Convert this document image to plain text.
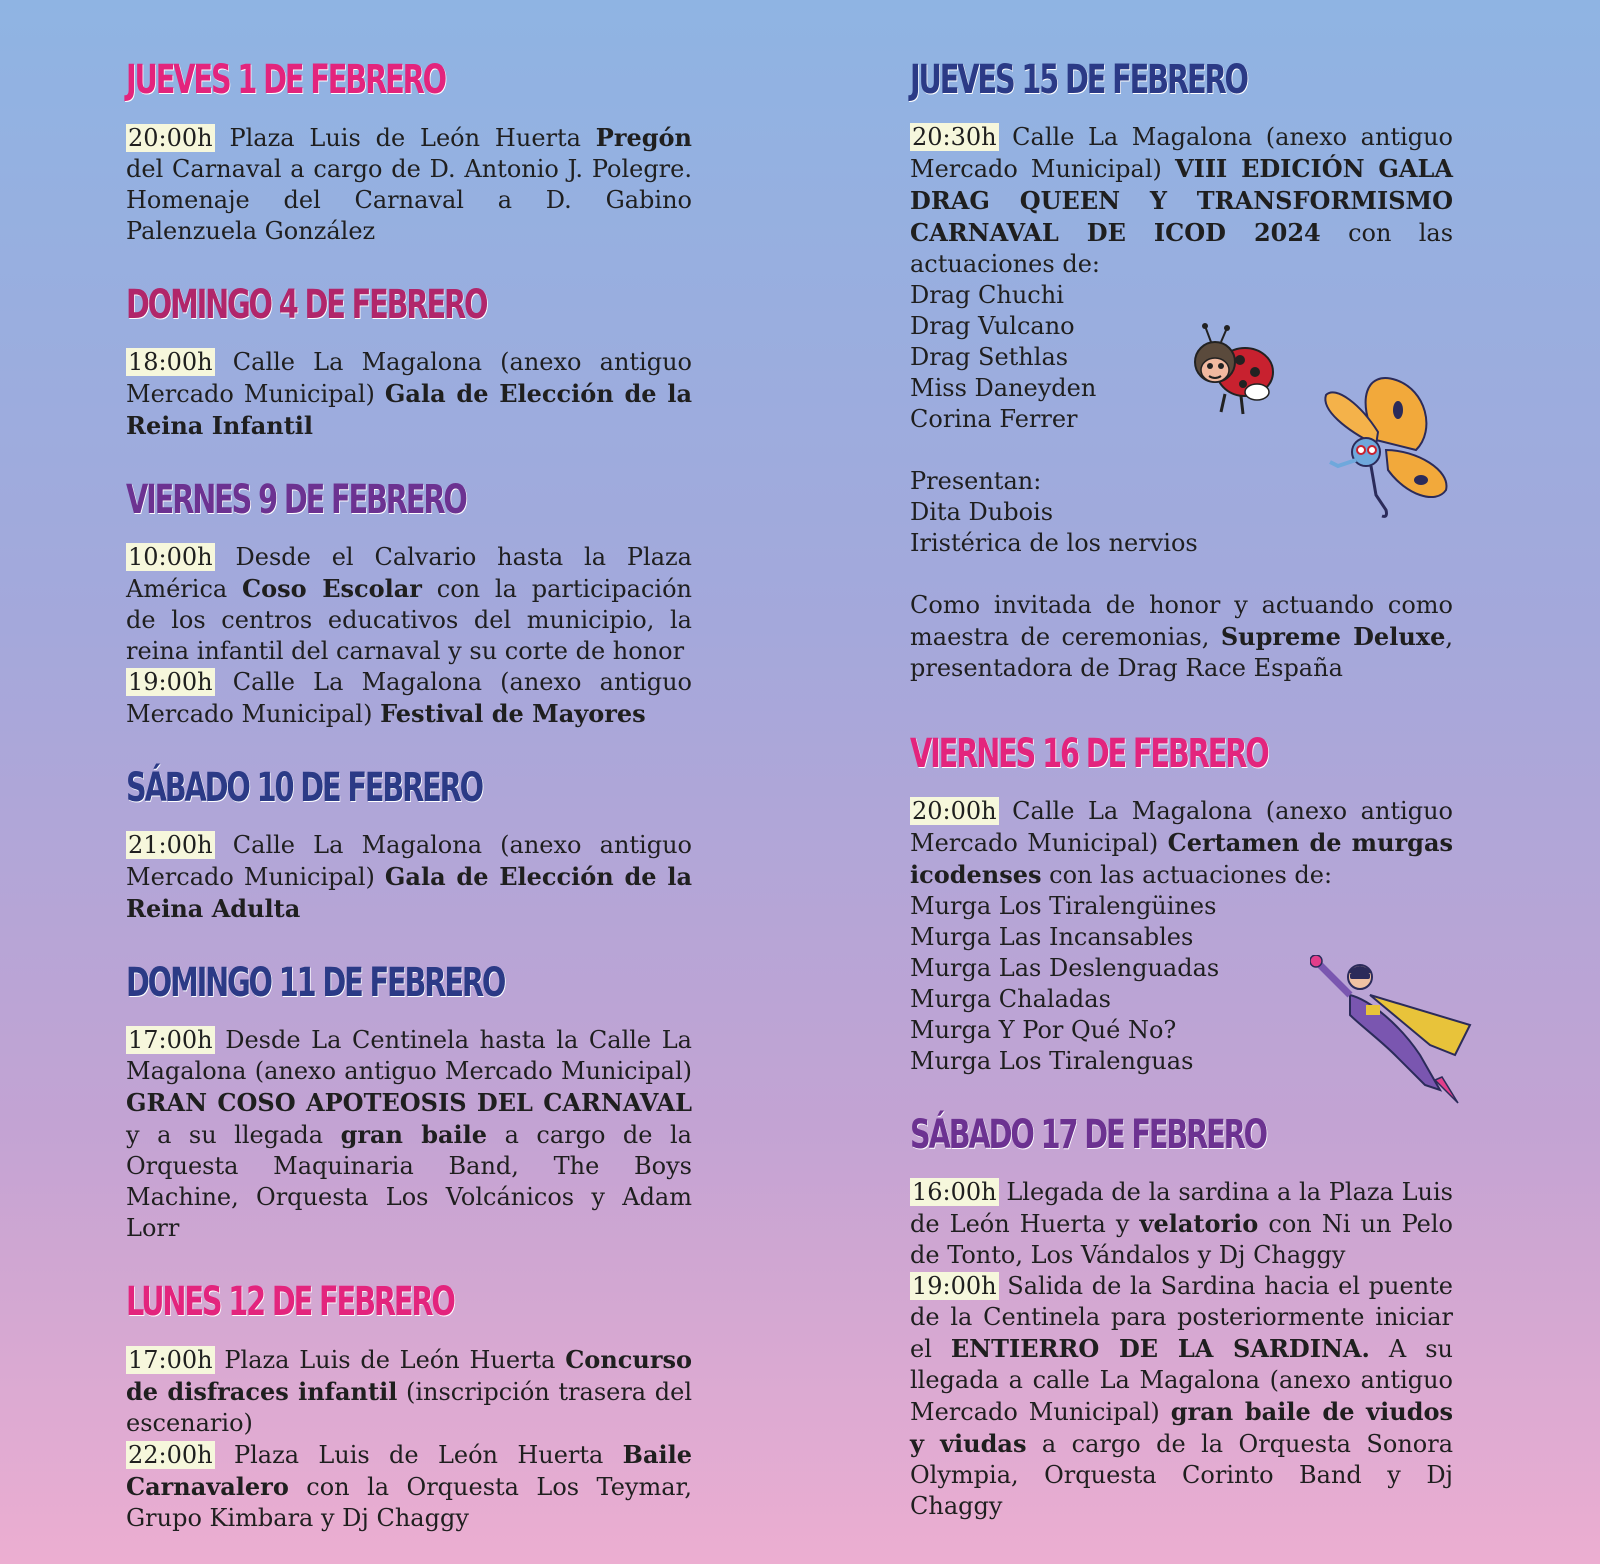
JUEVES 1 DE FEBRERO

20:00h Plaza Luis de León Huerta Pregón del Carnaval a cargo de D. Antonio J. Polegre. Homenaje del Carnaval a D. Gabino Palenzuela González

DOMINGO 4 DE FEBRERO

18:00h Calle La Magalona (anexo antiguo Mercado Municipal) Gala de Elección de la Reina Infantil

VIERNES 9 DE FEBRERO

10:00h Desde el Calvario hasta la Plaza América Coso Escolar con la participación de los centros educativos del municipio, la reina infantil del carnaval y su corte de honor

19:00h Calle La Magalona (anexo antiguo Mercado Municipal) Festival de Mayores

SÁBADO 10 DE FEBRERO

21:00h Calle La Magalona (anexo antiguo Mercado Municipal) Gala de Elección de la Reina Adulta

DOMINGO 11 DE FEBRERO

17:00h Desde La Centinela hasta la Calle La Magalona (anexo antiguo Mercado Municipal) GRAN COSO APOTEOSIS DEL CARNAVAL y a su llegada gran baile a cargo de la Orquesta Maquinaria Band, The Boys Machine, Orquesta Los Volcánicos y Adam Lorr

LUNES 12 DE FEBRERO

17:00h Plaza Luis de León Huerta Concurso de disfraces infantil (inscripción trasera del escenario)

22:00h Plaza Luis de León Huerta Baile Carnavalero con la Orquesta Los Teymar, Grupo Kimbara y Dj Chaggy

JUEVES 15 DE FEBRERO

20:30h Calle La Magalona (anexo antiguo Mercado Municipal) VIII EDICIÓN GALA DRAG QUEEN Y TRANSFORMISMO CARNAVAL DE ICOD 2024 con las actuaciones de:

Drag Chuchi

Drag Vulcano

Drag Sethlas

Miss Daneyden

Corina Ferrer

Presentan:

Dita Dubois

Iristérica de los nervios

Como invitada de honor y actuando como maestra de ceremonias, Supreme Deluxe, presentadora de Drag Race España

VIERNES 16 DE FEBRERO

20:00h Calle La Magalona (anexo antiguo Mercado Municipal) Certamen de murgas icodenses con las actuaciones de:

Murga Los Tiralengüines

Murga Las Incansables

Murga Las Deslenguadas

Murga Chaladas

Murga Y Por Qué No?

Murga Los Tiralenguas

SÁBADO 17 DE FEBRERO

16:00h Llegada de la sardina a la Plaza Luis de León Huerta y velatorio con Ni un Pelo de Tonto, Los Vándalos y Dj Chaggy

19:00h Salida de la Sardina hacia el puente de la Centinela para posteriormente iniciar el ENTIERRO DE LA SARDINA. A su llegada a calle La Magalona (anexo antiguo Mercado Municipal) gran baile de viudos y viudas a cargo de la Orquesta Sonora Olympia, Orquesta Corinto Band y Dj Chaggy
